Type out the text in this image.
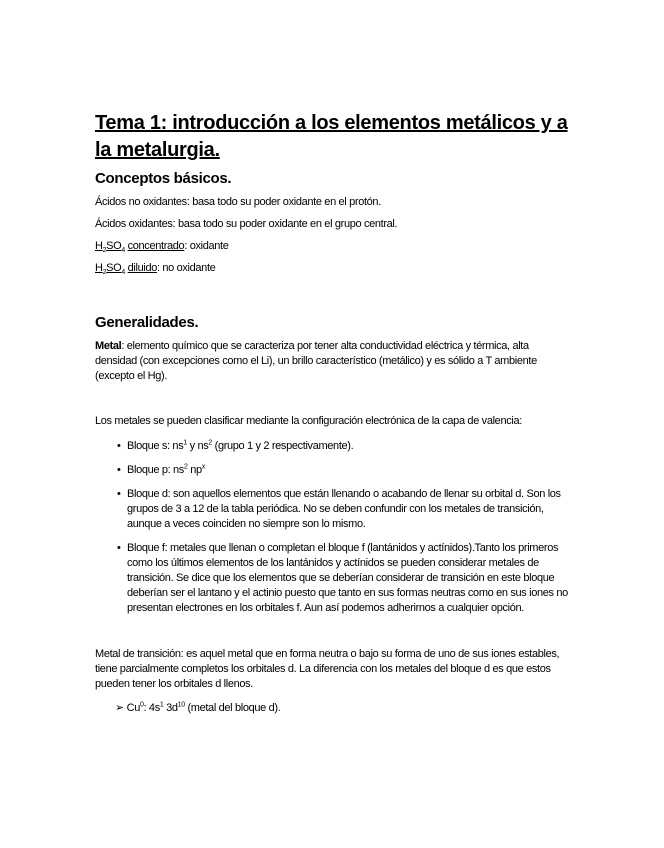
Tema 1: introducción a los elementos metálicos y a la metalurgia.
Conceptos básicos.

Ácidos no oxidantes: basa todo su poder oxidante en el protón.

Ácidos oxidantes: basa todo su poder oxidante en el grupo central.

$H_2SO_4$ concentrado: oxidante

$H_2SO_4$ diluido: no oxidante

Generalidades.

Metal: elemento químico que se caracteriza por tener alta conductividad eléctrica y térmica, alta densidad (con excepciones como el Li), un brillo característico (metálico) y es sólido a T ambiente (excepto el Hg).

Los metales se pueden clasificar mediante la configuración electrónica de la capa de valencia:

• Bloque s: $ns^1$ y $ns^2$ (grupo 1 y 2 respectivamente).
• Bloque p: $ns^2$ $np^x$
• Bloque d: son aquellos elementos que están llenando o acabando de llenar su orbital d. Son los grupos de 3 a 12 de la tabla periódica. No se deben confundir con los metales de transición, aunque a veces coinciden no siempre son lo mismo.
• Bloque f: metales que llenan o completan el bloque f (lantánidos y actínidos).Tanto los primeros como los últimos elementos de los lantánidos y actínidos se pueden considerar metales de transición. Se dice que los elementos que se deberían considerar de transición en este bloque deberían ser el lantano y el actinio puesto que tanto en sus formas neutras como en sus iones no presentan electrones en los orbitales f. Aun así podemos adherirnos a cualquier opción.

Metal de transición: es aquel metal que en forma neutra o bajo su forma de uno de sus iones estables, tiene parcialmente completos los orbitales d. La diferencia con los metales del bloque d es que estos pueden tener los orbitales d llenos.

➢ Cu$^0$: $4s^1$ $3d^{10}$ (metal del bloque d).
